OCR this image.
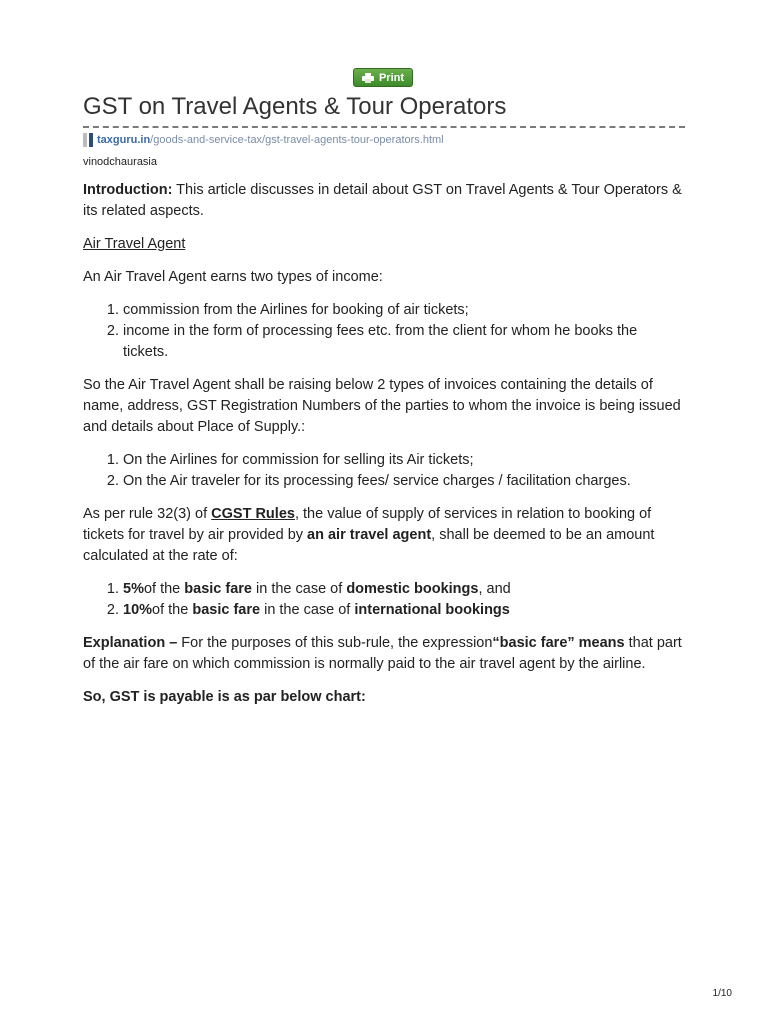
Print
GST on Travel Agents & Tour Operators
taxguru.in /goods-and-service-tax/gst-travel-agents-tour-operators.html
vinodchaurasia

Introduction: This article discusses in detail about GST on Travel Agents & Tour Operators & its related aspects.

Air Travel Agent

An Air Travel Agent earns two types of income:

1. commission from the Airlines for booking of air tickets;
2. income in the form of processing fees etc. from the client for whom he books the tickets.

So the Air Travel Agent shall be raising below 2 types of invoices containing the details of name, address, GST Registration Numbers of the parties to whom the invoice is being issued and details about Place of Supply.:

1. On the Airlines for commission for selling its Air tickets;
2. On the Air traveler for its processing fees/ service charges / facilitation charges.

As per rule 32(3) of CGST Rules, the value of supply of services in relation to booking of tickets for travel by air provided by an air travel agent, shall be deemed to be an amount calculated at the rate of:

1. 5%of the basic fare in the case of domestic bookings, and
2. 10%of the basic fare in the case of international bookings

Explanation – For the purposes of this sub-rule, the expression“basic fare” means that part of the air fare on which commission is normally paid to the air travel agent by the airline.

So, GST is payable is as par below chart:

1/10
